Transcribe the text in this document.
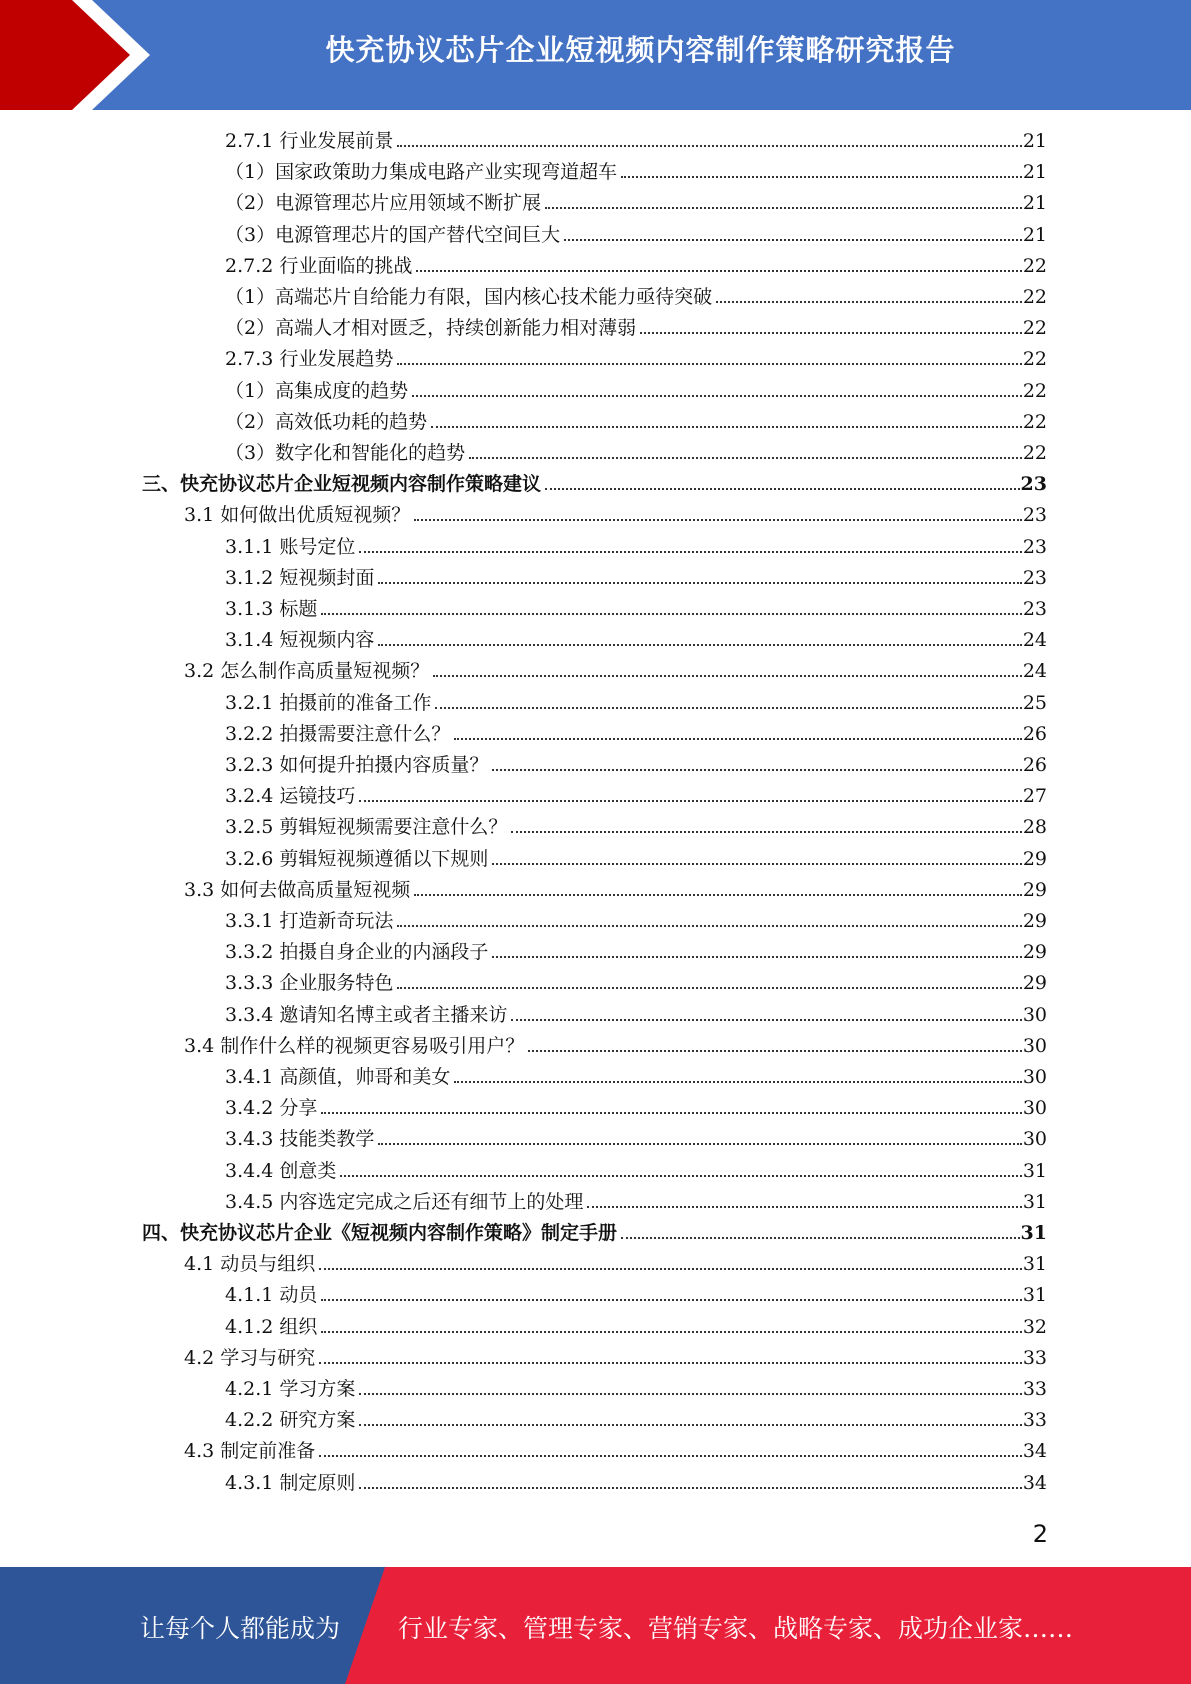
快充协议芯片企业短视频内容制作策略研究报告
2.7.1 行业发展前景	21
（1）国家政策助力集成电路产业实现弯道超车	21
（2）电源管理芯片应用领域不断扩展	21
（3）电源管理芯片的国产替代空间巨大	21
2.7.2 行业面临的挑战	22
（1）高端芯片自给能力有限，国内核心技术能力亟待突破	22
（2）高端人才相对匮乏，持续创新能力相对薄弱	22
2.7.3 行业发展趋势	22
（1）高集成度的趋势	22
（2）高效低功耗的趋势	22
（3）数字化和智能化的趋势	22
三、快充协议芯片企业短视频内容制作策略建议	23
3.1 如何做出优质短视频？	23
3.1.1 账号定位	23
3.1.2 短视频封面	23
3.1.3 标题	23
3.1.4 短视频内容	24
3.2 怎么制作高质量短视频？	24
3.2.1 拍摄前的准备工作	25
3.2.2 拍摄需要注意什么？	26
3.2.3 如何提升拍摄内容质量？	26
3.2.4 运镜技巧	27
3.2.5 剪辑短视频需要注意什么？	28
3.2.6 剪辑短视频遵循以下规则	29
3.3 如何去做高质量短视频	29
3.3.1 打造新奇玩法	29
3.3.2 拍摄自身企业的内涵段子	29
3.3.3 企业服务特色	29
3.3.4 邀请知名博主或者主播来访	30
3.4 制作什么样的视频更容易吸引用户？	30
3.4.1 高颜值，帅哥和美女	30
3.4.2 分享	30
3.4.3 技能类教学	30
3.4.4 创意类	31
3.4.5 内容选定完成之后还有细节上的处理	31
四、快充协议芯片企业《短视频内容制作策略》制定手册	31
4.1 动员与组织	31
4.1.1 动员	31
4.1.2 组织	32
4.2 学习与研究	33
4.2.1 学习方案	33
4.2.2 研究方案	33
4.3 制定前准备	34
4.3.1 制定原则	34
2
让每个人都能成为 行业专家、管理专家、营销专家、战略专家、成功企业家……
